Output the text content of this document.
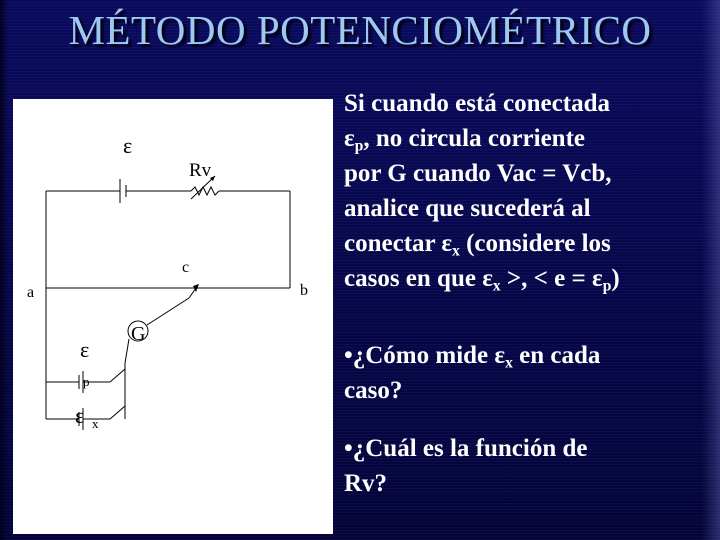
MÉTODO POTENCIOMÉTRICO
ε
Rv
c
a	b
G
ε
p
ε x
Si cuando está conectada
$\varepsilon_p$, no circula corriente
por G cuando Vac = Vcb,
analice que sucederá al
conectar $\varepsilon_x$ (considere los
casos en que $\varepsilon_x$ >, < $e = \varepsilon_p$)
•¿Cómo mide $\varepsilon_x$ en cada
caso?
•¿Cuál es la función de
Rv?
